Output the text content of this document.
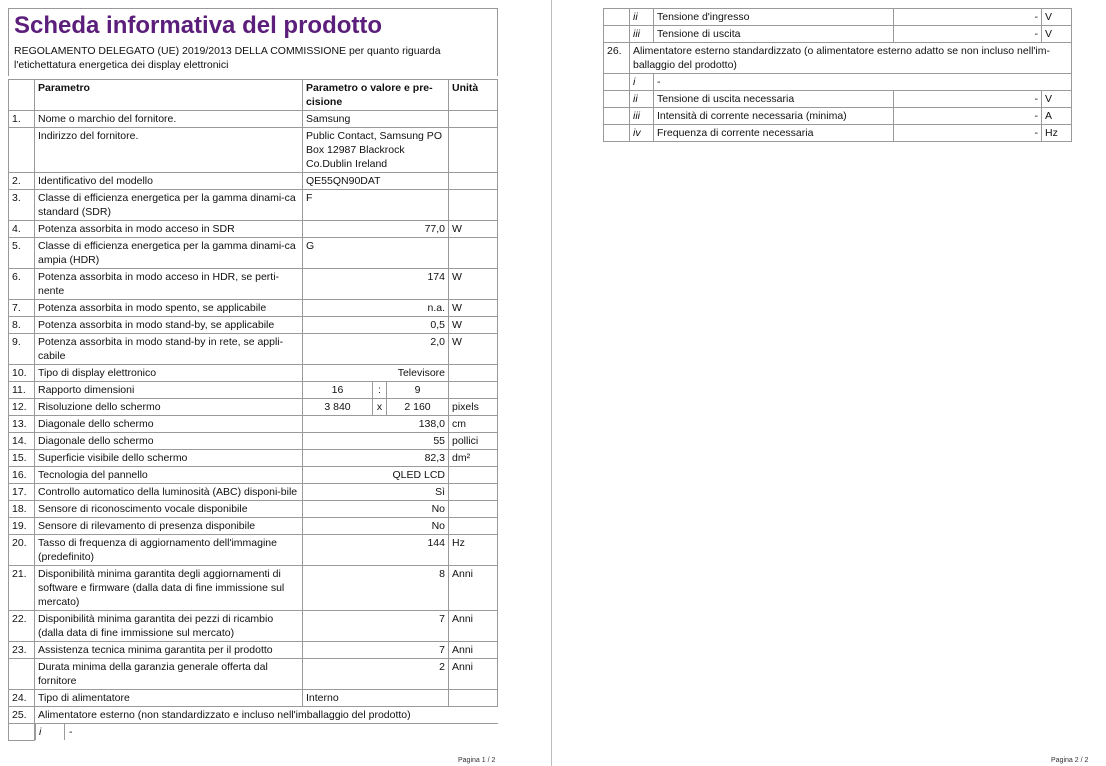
Scheda informativa del prodotto
REGOLAMENTO DELEGATO (UE) 2019/2013 DELLA COMMISSIONE per quanto riguarda l'etichettatura energetica dei display elettronici
	Parametro	Parametro o valore e pre-cisione			Unità
1.	Nome o marchio del fornitore.	Samsung			
	Indirizzo del fornitore.	Public Contact, Samsung PO Box 12987 Blackrock Co.Dublin Ireland			
2.	Identificativo del modello	QE55QN90DAT			
3.	Classe di efficienza energetica per la gamma dinami-ca standard (SDR)	F			
4.	Potenza assorbita in modo acceso in SDR	77,0			W
5.	Classe di efficienza energetica per la gamma dinami-ca ampia (HDR)	G			
6.	Potenza assorbita in modo acceso in HDR, se perti-nente	174			W
7.	Potenza assorbita in modo spento, se applicabile	n.a.			W
8.	Potenza assorbita in modo stand-by, se applicabile	0,5			W
9.	Potenza assorbita in modo stand-by in rete, se appli-cabile	2,0			W
10.	Tipo di display elettronico	Televisore			
11.	Rapporto dimensioni	16	:	9	
12.	Risoluzione dello schermo	3 840	x	2 160	pixels
13.	Diagonale dello schermo	138,0			cm
14.	Diagonale dello schermo	55			pollici
15.	Superficie visibile dello schermo	82,3			dm²
16.	Tecnologia del pannello	QLED LCD			
17.	Controllo automatico della luminosità (ABC) disponi-bile	Sì			
18.	Sensore di riconoscimento vocale disponibile	No			
19.	Sensore di rilevamento di presenza disponibile	No			
20.	Tasso di frequenza di aggiornamento dell'immagine (predefinito)	144			Hz
21.	Disponibilità minima garantita degli aggiornamenti di software e firmware (dalla data di fine immissione sul mercato)	8			Anni
22.	Disponibilità minima garantita dei pezzi di ricambio (dalla data di fine immissione sul mercato)	7			Anni
23.	Assistenza tecnica minima garantita per il prodotto	7			Anni
	Durata minima della garanzia generale offerta dal fornitore	2			Anni
24.	Tipo di alimentatore	Interno			
25.	Alimentatore esterno (non standardizzato e incluso nell'imballaggio del prodotto)				

	i -				
Pagina 1 / 2	Pagina 2 / 2
	ii	Tensione d'ingresso	-	V
	iii	Tensione di uscita	-	V
26.	Alimentatore esterno standardizzato (o alimentatore esterno adatto se non incluso nell'im-ballaggio del prodotto)			
	i	-		
	ii	Tensione di uscita necessaria	-	V
	iii	Intensità di corrente necessaria (minima)	-	A
	iv	Frequenza di corrente necessaria	-	Hz
